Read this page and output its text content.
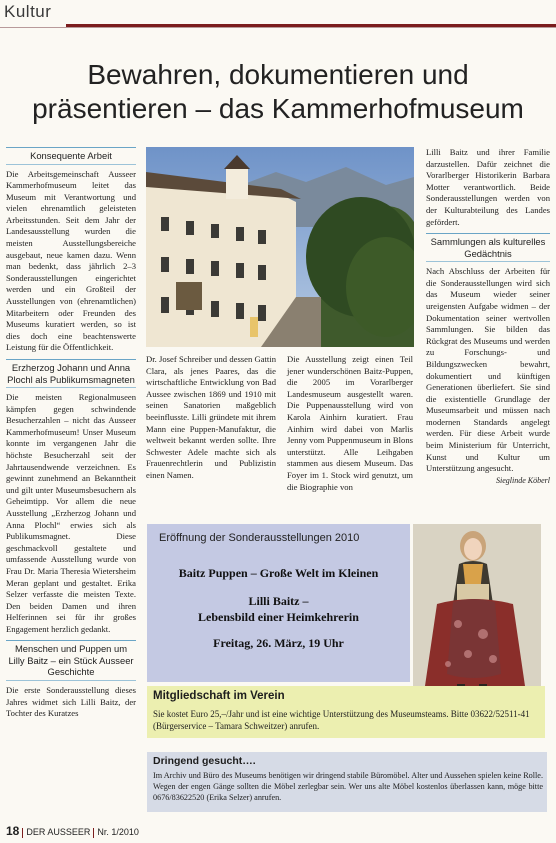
Kultur
Bewahren, dokumentieren und
präsentieren – das Kammerhofmuseum
Konsequente Arbeit

Die Arbeitsgemeinschaft Ausseer Kammerhofmuseum leitet das Museum mit Verantwortung und vielen ehrenamtlich geleisteten Arbeitsstunden. Seit dem Jahr der Landesausstellung wurden die meisten Ausstellungsbereiche ausgebaut, neue kamen dazu. Wenn man bedenkt, dass jährlich 2–3 Sonderausstellungen eingerichtet werden und ein Großteil der Ausstellungen von (ehrenamtlichen) Mitarbeitern oder Freunden des Museums kuratiert werden, so ist dies doch eine beachtenswerte Leistung für die Öffentlichkeit.

Erzherzog Johann und Anna Plochl als Publikumsmagneten

Die meisten Regionalmuseen kämpfen gegen schwindende Besucherzahlen – nicht das Ausseer Kammerhofmuseum! Unser Museum konnte im vergangenen Jahr die höchste Besucherzahl seit der Jahrtausendwende verzeichnen. Es gewinnt zunehmend an Bekanntheit und gilt unter Museumsbesuchern als Geheimtipp. Vor allem die neue Ausstellung „Erzherzog Johann und Anna Plochl“ erwies sich als Publikumsmagnet. Diese geschmackvoll gestaltete und umfassende Ausstellung wurde von Frau Dr. Maria Theresia Wietersheim Meran geplant und gestaltet. Erika Selzer verfasste die meisten Texte. Den beiden Damen und ihren Helferinnen sei für ihr großes Engagement herzlich gedankt.

Menschen und Puppen um Lilly Baitz – ein Stück Ausseer Geschichte

Die erste Sonderausstellung dieses Jahres widmet sich Lilli Baitz, der Tochter des Kuratzes

Dr. Josef Schreiber und dessen Gattin Clara, als jenes Paares, das die wirtschaftliche Entwicklung von Bad Aussee zwischen 1869 und 1910 mit seinen Sanatorien maßgeblich beeinflusste. Lilli gründete mit ihrem Mann eine Puppen-Manufaktur, die weltweit bekannt werden sollte. Ihre Schwester Adele machte sich als Frauenrechtlerin und Publizistin einen Namen.

Die Ausstellung zeigt einen Teil jener wunderschönen Baitz-Puppen, die 2005 im Vorarlberger Landesmuseum ausgestellt waren. Die Puppenausstellung wird von Karola Ainhirn kuratiert. Frau Ainhirn wird dabei von Marlis Jenny vom Puppenmuseum in Blons unterstützt. Alle Leihgaben stammen aus diesem Museum. Das Foyer im 1. Stock wird genutzt, um die Biographie von

Lilli Baitz und ihrer Familie darzustellen. Dafür zeichnet die Vorarlberger Historikerin Barbara Motter verantwortlich. Beide Sonderausstellungen werden von der Kulturabteilung des Landes gefördert.

Sammlungen als kulturelles Gedächtnis

Nach Abschluss der Arbeiten für die Sonderausstellungen wird sich das Museum wieder seiner ureigensten Aufgabe widmen – der Dokumentation seiner wertvollen Sammlungen. Sie bilden das Rückgrat des Museums und werden zu Forschungs- und Bildungszwecken bewahrt, dokumentiert und künftigen Generationen überliefert. Sie sind die existentielle Grundlage der Museumsarbeit und müssen nach modernen Standards angelegt werden. Für diese Arbeit wurde beim Ministerium für Unterricht, Kunst und Kultur um Unterstützung angesucht.

Sieglinde Köberl
Eröffnung der Sonderausstellungen 2010
Baitz Puppen – Große Welt im Kleinen
Lilli Baitz –
Lebensbild einer Heimkehrerin
Freitag, 26. März, 19 Uhr
Mitgliedschaft im Verein
Sie kostet Euro 25,–/Jahr und ist eine wichtige Unterstützung des Museumsteams. Bitte 03622/52511-41 (Bürgerservice – Tamara Schweitzer) anrufen.
Dringend gesucht….
Im Archiv und Büro des Museums benötigen wir dringend stabile Büromöbel. Alter und Aussehen spielen keine Rolle. Wegen der engen Gänge sollten die Möbel zerlegbar sein. Wer uns alte Möbel kostenlos überlassen kann, möge bitte 0676/83622520 (Erika Selzer) anrufen.
18 DER AUSSEER Nr. 1/2010
